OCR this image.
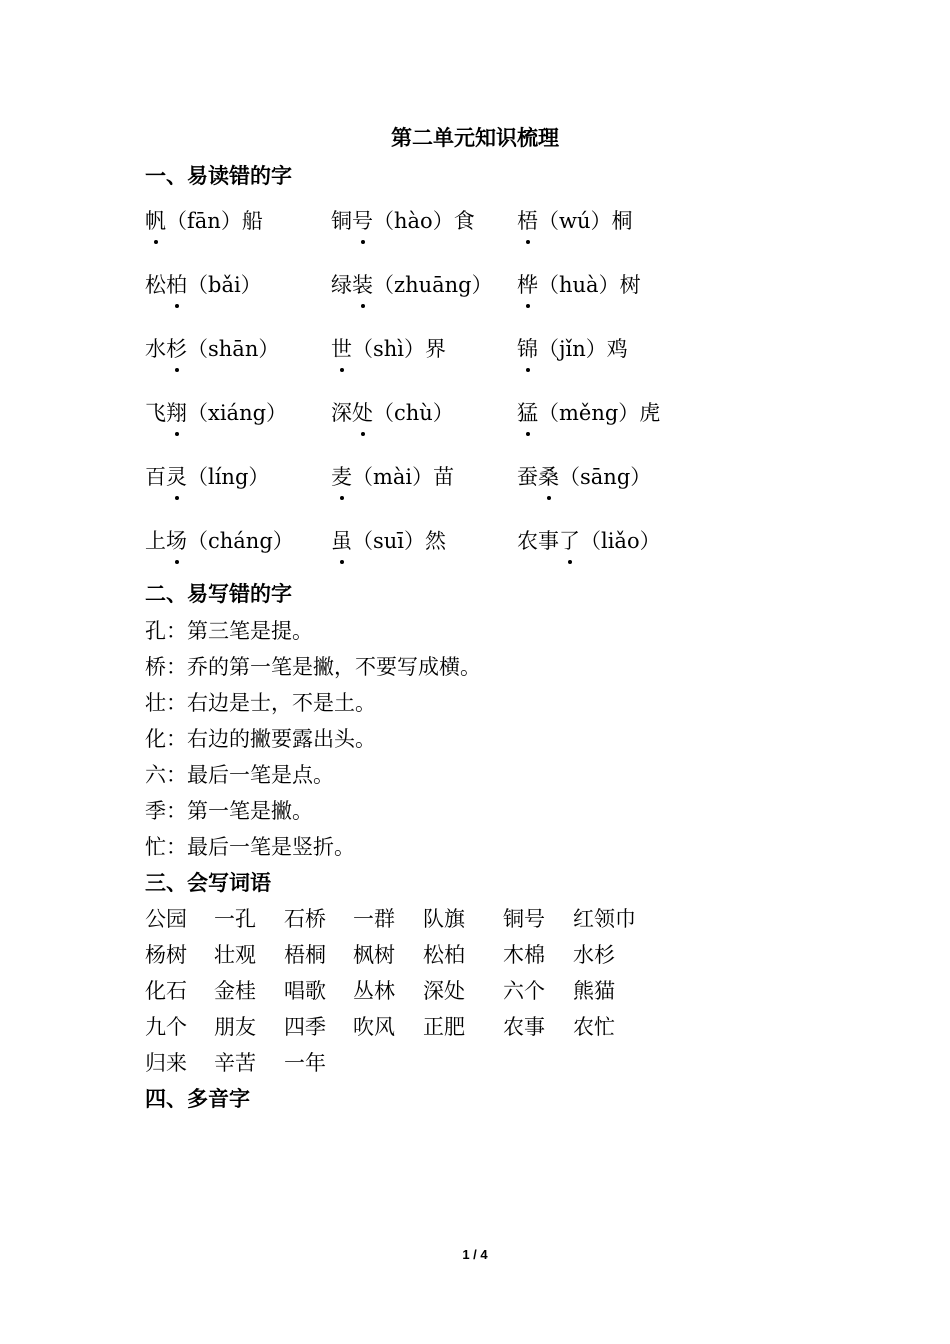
第二单元知识梳理
一、易读错的字
帆（fān）船	铜号（hào）食 梧（wú）桐
松柏（bǎi）	绿装（zhuāng） 桦（huà）树
水杉（shān） 世（shì）界	锦（jǐn）鸡
飞翔（xiáng） 深处（chù）	猛（měng）虎
百灵（líng）	麦（mài）苗	蚕桑（sāng）
上场（cháng） 虽（suī）然	农事了（liǎo）
二、易写错的字
孔：第三笔是提。
桥：乔的第一笔是撇，不要写成横。
壮：右边是士，不是土。
化：右边的撇要露出头。
六：最后一笔是点。
季：第一笔是撇。
忙：最后一笔是竖折。
三、会写词语
公园 一孔 石桥 一群 队旗 铜号 红领巾
杨树 壮观 梧桐 枫树 松柏 木棉 水杉
化石 金桂 唱歌 丛林 深处 六个 熊猫
九个 朋友 四季 吹风 正肥 农事 农忙
归来 辛苦 一年
四、多音字
1 / 4
